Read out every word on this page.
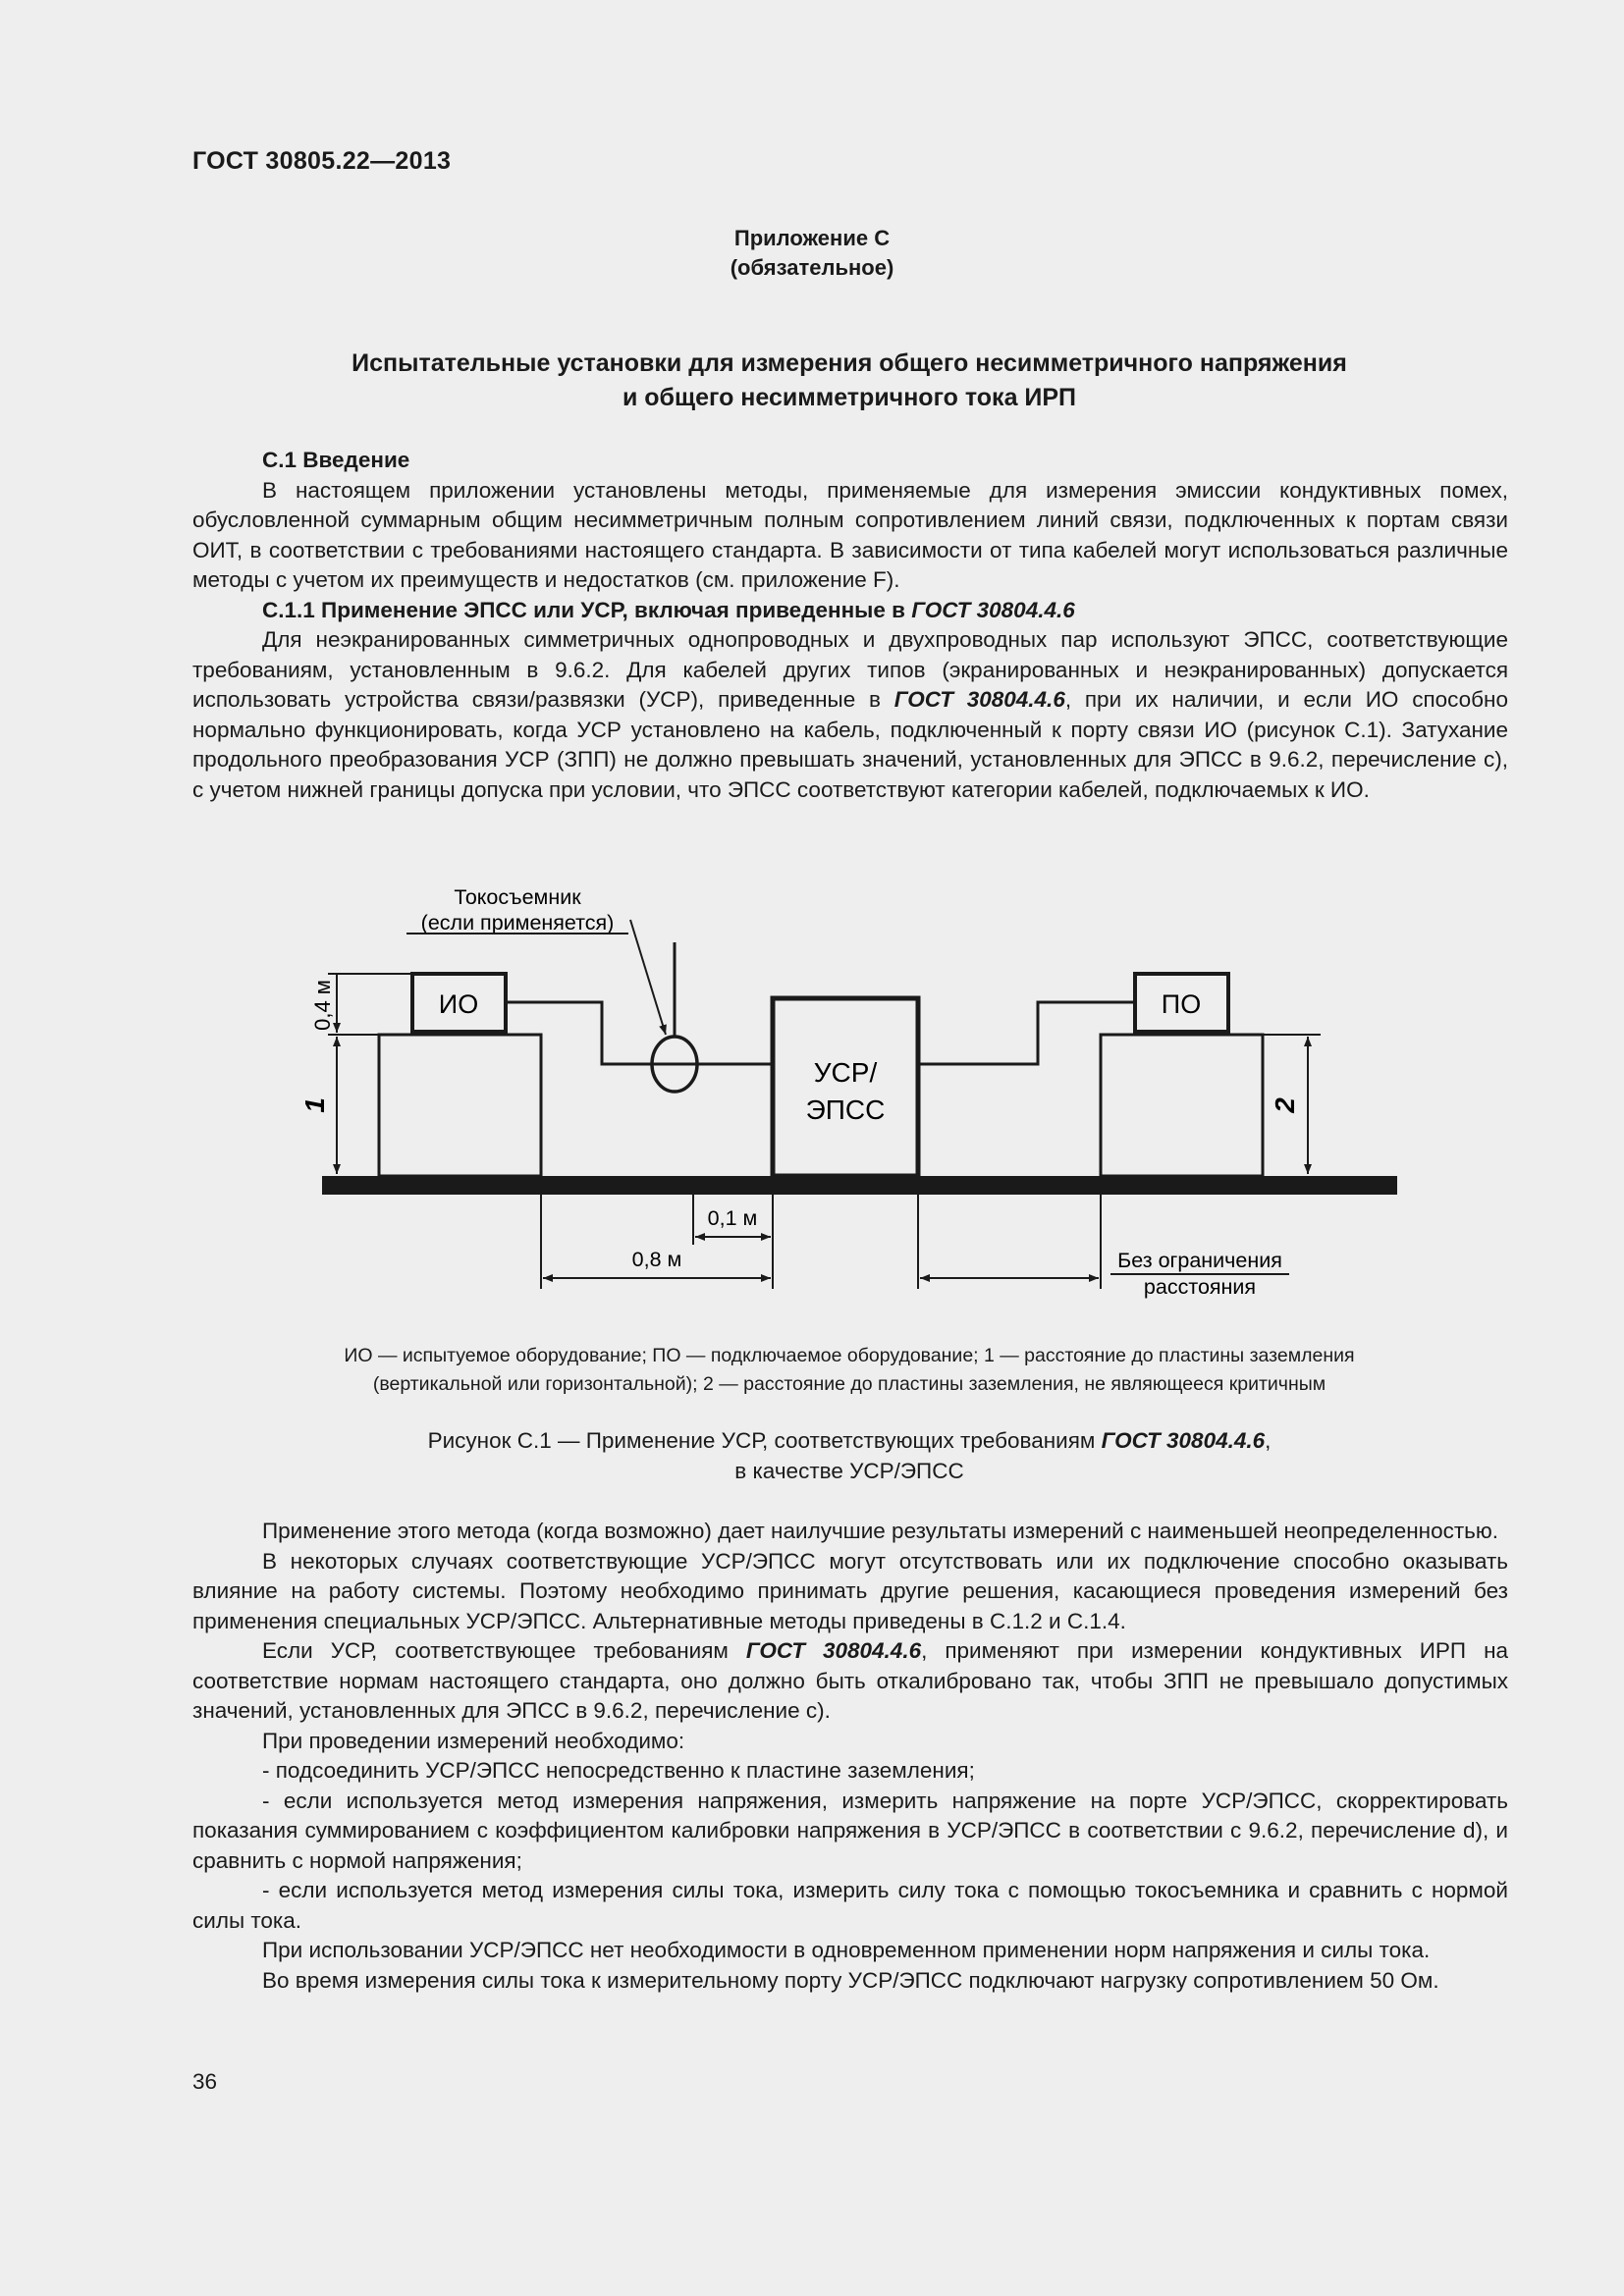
ГОСТ 30805.22—2013
Приложение С
(обязательное)
Испытательные установки для измерения общего несимметричного напряжения
и общего несимметричного тока ИРП

С.1 Введение

В настоящем приложении установлены методы, применяемые для измерения эмиссии кондуктивных помех, обусловленной суммарным общим несимметричным полным сопротивлением линий связи, подключенных к портам связи ОИТ, в соответствии с требованиями настоящего стандарта. В зависимости от типа кабелей могут использоваться различные методы с учетом их преимуществ и недостатков (см. приложение F).

С.1.1 Применение ЭПСС или УСР, включая приведенные в ГОСТ 30804.4.6

Для неэкранированных симметричных однопроводных и двухпроводных пар используют ЭПСС, соответствующие требованиям, установленным в 9.6.2. Для кабелей других типов (экранированных и неэкранированных) допускается использовать устройства связи/развязки (УСР), приведенные в ГОСТ 30804.4.6, при их наличии, и если ИО способно нормально функционировать, когда УСР установлено на кабель, подключенный к порту связи ИО (рисунок С.1). Затухание продольного преобразования УСР (ЗПП) не должно превышать значений, установленных для ЭПСС в 9.6.2, перечисление с), с учетом нижней границы допуска при условии, что ЭПСС соответствуют категории кабелей, подключаемых к ИО.

ИО	ПО
УСР/
ЭПСС
Токосъемник
(если применяется)
0,4 м
1	2
0,1 м
0,8 м	Без ограничения
расстояния
ИО — испытуемое оборудование; ПО — подключаемое оборудование; 1 — расстояние до пластины заземления
(вертикальной или горизонтальной); 2 — расстояние до пластины заземления, не являющееся критичным
Рисунок С.1 — Применение УСР, соответствующих требованиям ГОСТ 30804.4.6,
в качестве УСР/ЭПСС

Применение этого метода (когда возможно) дает наилучшие результаты измерений с наименьшей неопределенностью.

В некоторых случаях соответствующие УСР/ЭПСС могут отсутствовать или их подключение способно оказывать влияние на работу системы. Поэтому необходимо принимать другие решения, касающиеся проведения измерений без применения специальных УСР/ЭПСС. Альтернативные методы приведены в С.1.2 и С.1.4.

Если УСР, соответствующее требованиям ГОСТ 30804.4.6, применяют при измерении кондуктивных ИРП на соответствие нормам настоящего стандарта, оно должно быть откалибровано так, чтобы ЗПП не превышало допустимых значений, установленных для ЭПСС в 9.6.2, перечисление с).

При проведении измерений необходимо:

- подсоединить УСР/ЭПСС непосредственно к пластине заземления;

- если используется метод измерения напряжения, измерить напряжение на порте УСР/ЭПСС, скорректировать показания суммированием с коэффициентом калибровки напряжения в УСР/ЭПСС в соответствии с 9.6.2, перечисление d), и сравнить с нормой напряжения;

- если используется метод измерения силы тока, измерить силу тока с помощью токосъемника и сравнить с нормой силы тока.

При использовании УСР/ЭПСС нет необходимости в одновременном применении норм напряжения и силы тока.

Во время измерения силы тока к измерительному порту УСР/ЭПСС подключают нагрузку сопротивлением 50 Ом.

36
